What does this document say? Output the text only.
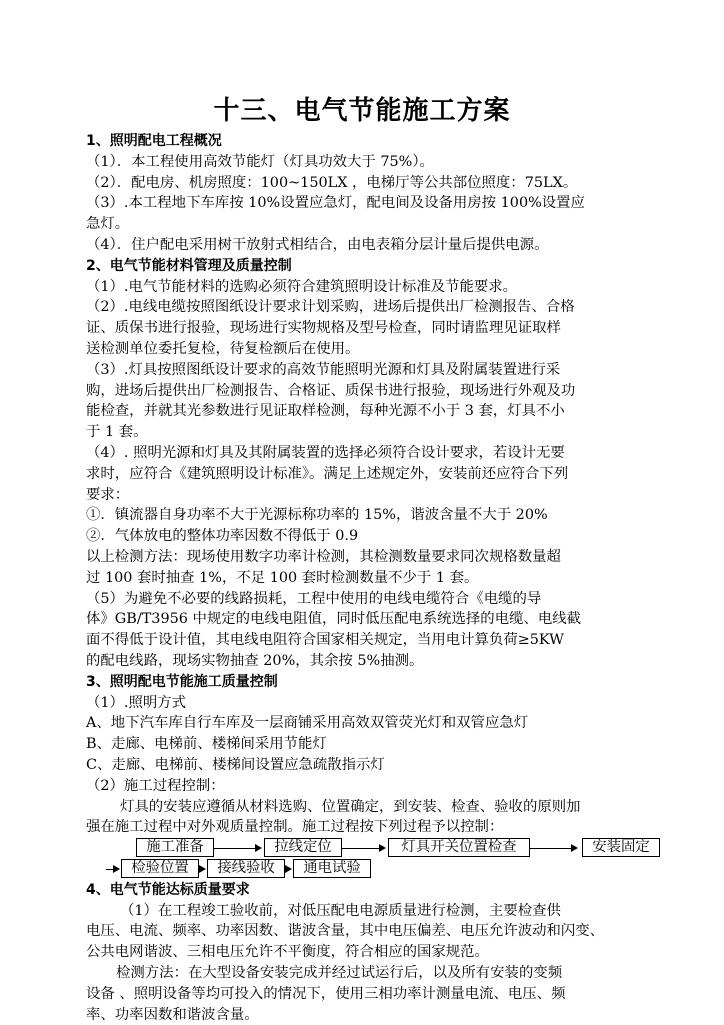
十三、电气节能施工方案
1、照明配电工程概况
（1）．本工程使用高效节能灯（灯具功效大于 75%）。
（2）．配电房、机房照度：100~150LX ，电梯厅等公共部位照度：75LX。
（3）.本工程地下车库按 10%设置应急灯，配电间及设备用房按 100%设置应
急灯。
（4）．住户配电采用树干放射式相结合，由电表箱分层计量后提供电源。
2、电气节能材料管理及质量控制
（1）.电气节能材料的选购必须符合建筑照明设计标准及节能要求。
（2）.电线电缆按照图纸设计要求计划采购，进场后提供出厂检测报告、合格
证、质保书进行报验，现场进行实物规格及型号检查，同时请监理见证取样
送检测单位委托复检，待复检额后在使用。
（3）.灯具按照图纸设计要求的高效节能照明光源和灯具及附属装置进行采
购，进场后提供出厂检测报告、合格证、质保书进行报验，现场进行外观及功
能检查，并就其光参数进行见证取样检测，每种光源不小于 3 套，灯具不小
于 1 套。
（4）. 照明光源和灯具及其附属装置的选择必须符合设计要求，若设计无要
求时，应符合《建筑照明设计标准》。满足上述规定外，安装前还应符合下列
要求：
①．镇流器自身功率不大于光源标称功率的 15%，谐波含量不大于 20%
②．气体放电的整体功率因数不得低于 0.9
以上检测方法：现场使用数字功率计检测，其检测数量要求同次规格数量超
过 100 套时抽查 1%，不足 100 套时检测数量不少于 1 套。
（5）为避免不必要的线路损耗，工程中使用的电线电缆符合《电缆的导
体》GB/T3956 中规定的电线电阻值，同时低压配电系统选择的电缆、电线截
面不得低于设计值，其电线电阻符合国家相关规定，当用电计算负荷≥5KW
的配电线路，现场实物抽查 20%，其余按 5%抽测。
3、照明配电节能施工质量控制
（1）.照明方式
A、地下汽车库自行车库及一层商铺采用高效双管荧光灯和双管应急灯
B、走廊、电梯前、楼梯间采用节能灯
C、走廊、电梯前、楼梯间设置应急疏散指示灯
（2）施工过程控制：
灯具的安装应遵循从材料选购、位置确定，到安装、检查、验收的原则加
强在施工过程中对外观质量控制。施工过程按下列过程予以控制：
施工准备	拉线定位	灯具开关位置检查	安装固定
检验位置	接线验收	通电试验
4、电气节能达标质量要求
（1）在工程竣工验收前，对低压配电电源质量进行检测，主要检查供
电压、电流、频率、功率因数、谐波含量，其中电压偏差、电压允许波动和闪变、
公共电网谐波、三相电压允许不平衡度，符合相应的国家规范。
检测方法：在大型设备安装完成并经过试运行后，以及所有安装的变频
设备 、照明设备等均可投入的情况下，使用三相功率计测量电流、电压、频
率、功率因数和谐波含量。
